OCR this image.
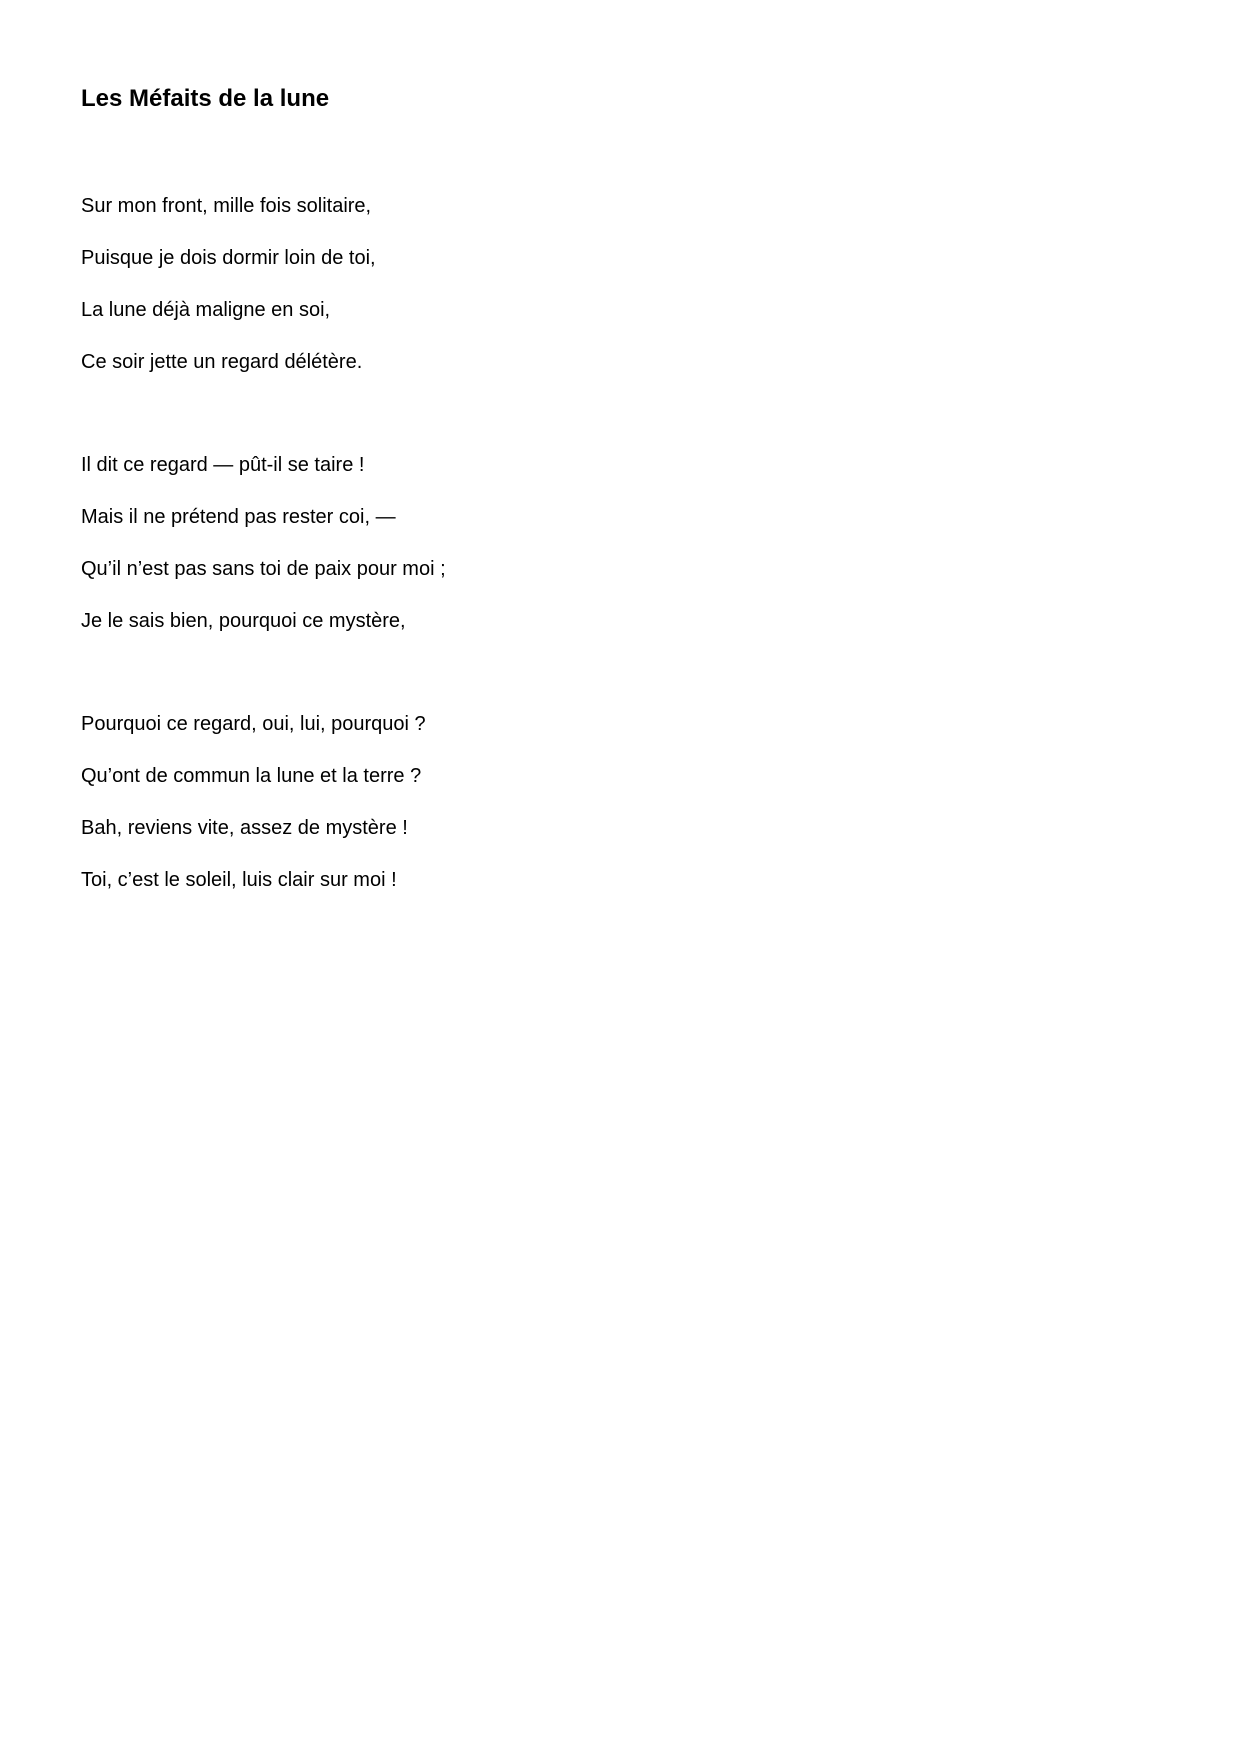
Les Méfaits de la lune
Sur mon front, mille fois solitaire,
Puisque je dois dormir loin de toi,
La lune déjà maligne en soi,
Ce soir jette un regard délétère.
Il dit ce regard — pût-il se taire !
Mais il ne prétend pas rester coi, —
Qu’il n’est pas sans toi de paix pour moi ;
Je le sais bien, pourquoi ce mystère,
Pourquoi ce regard, oui, lui, pourquoi ?
Qu’ont de commun la lune et la terre ?
Bah, reviens vite, assez de mystère !
Toi, c’est le soleil, luis clair sur moi !
